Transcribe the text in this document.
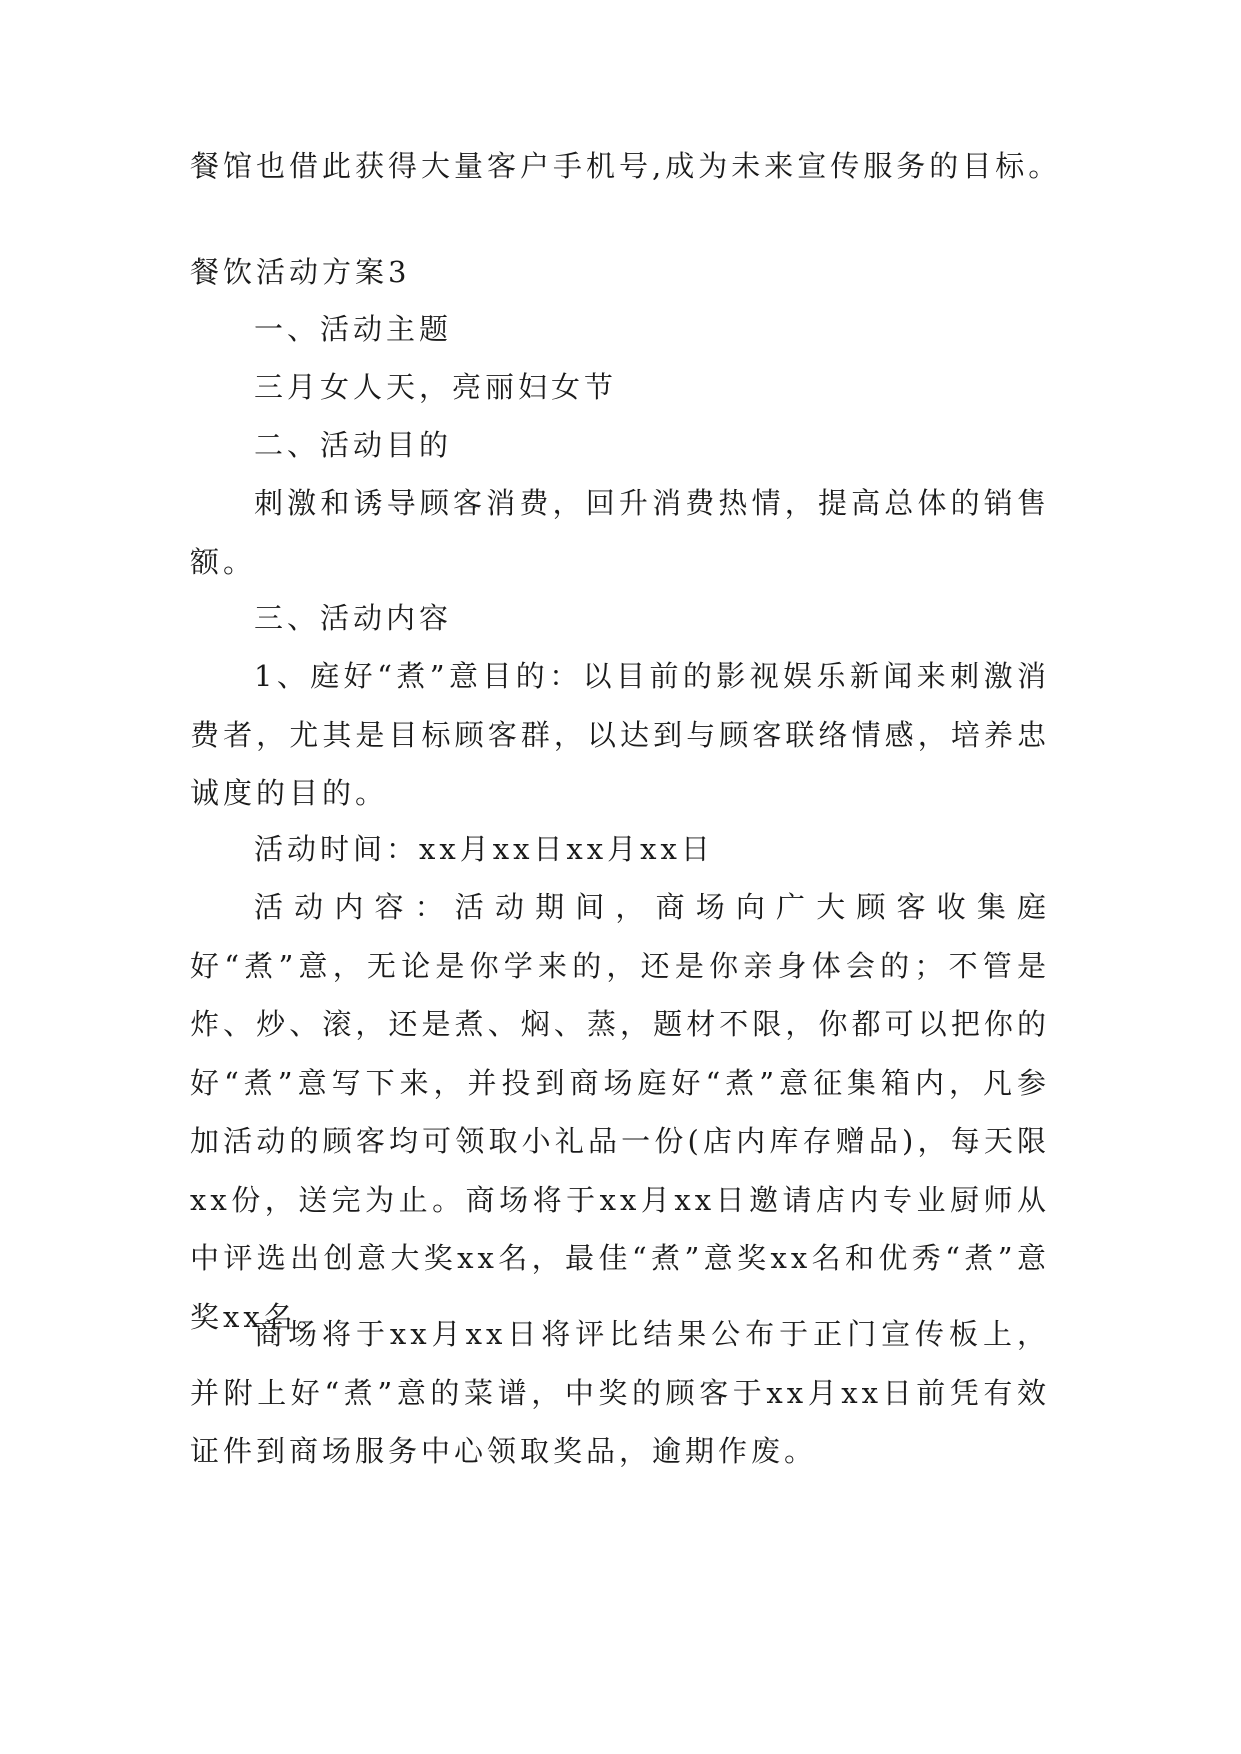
餐馆也借此获得大量客户手机号,成为未来宣传服务的目标。
餐饮活动方案3
一、活动主题
三月女人天，亮丽妇女节
二、活动目的

刺激和诱导顾客消费，回升消费热情，提高总体的销售额。

三、活动内容

1、庭好“煮”意目的：以目前的影视娱乐新闻来刺激消费者，尤其是目标顾客群，以达到与顾客联络情感，培养忠诚度的目的。

活动时间：xx月xx日xx月xx日

活动内容：活动期间，商场向广大顾客收集庭好“煮”意，无论是你学来的，还是你亲身体会的；不管是炸、炒、滚，还是煮、焖、蒸，题材不限，你都可以把你的好“煮”意写下来，并投到商场庭好“煮”意征集箱内，凡参加活动的顾客均可领取小礼品一份(店内库存赠品)，每天限xx份，送完为止。商场将于xx月xx日邀请店内专业厨师从中评选出创意大奖xx名，最佳“煮”意奖xx名和优秀“煮”意奖xx名。

商场将于xx月xx日将评比结果公布于正门宣传板上，并附上好“煮”意的菜谱，中奖的顾客于xx月xx日前凭有效证件到商场服务中心领取奖品，逾期作废。
